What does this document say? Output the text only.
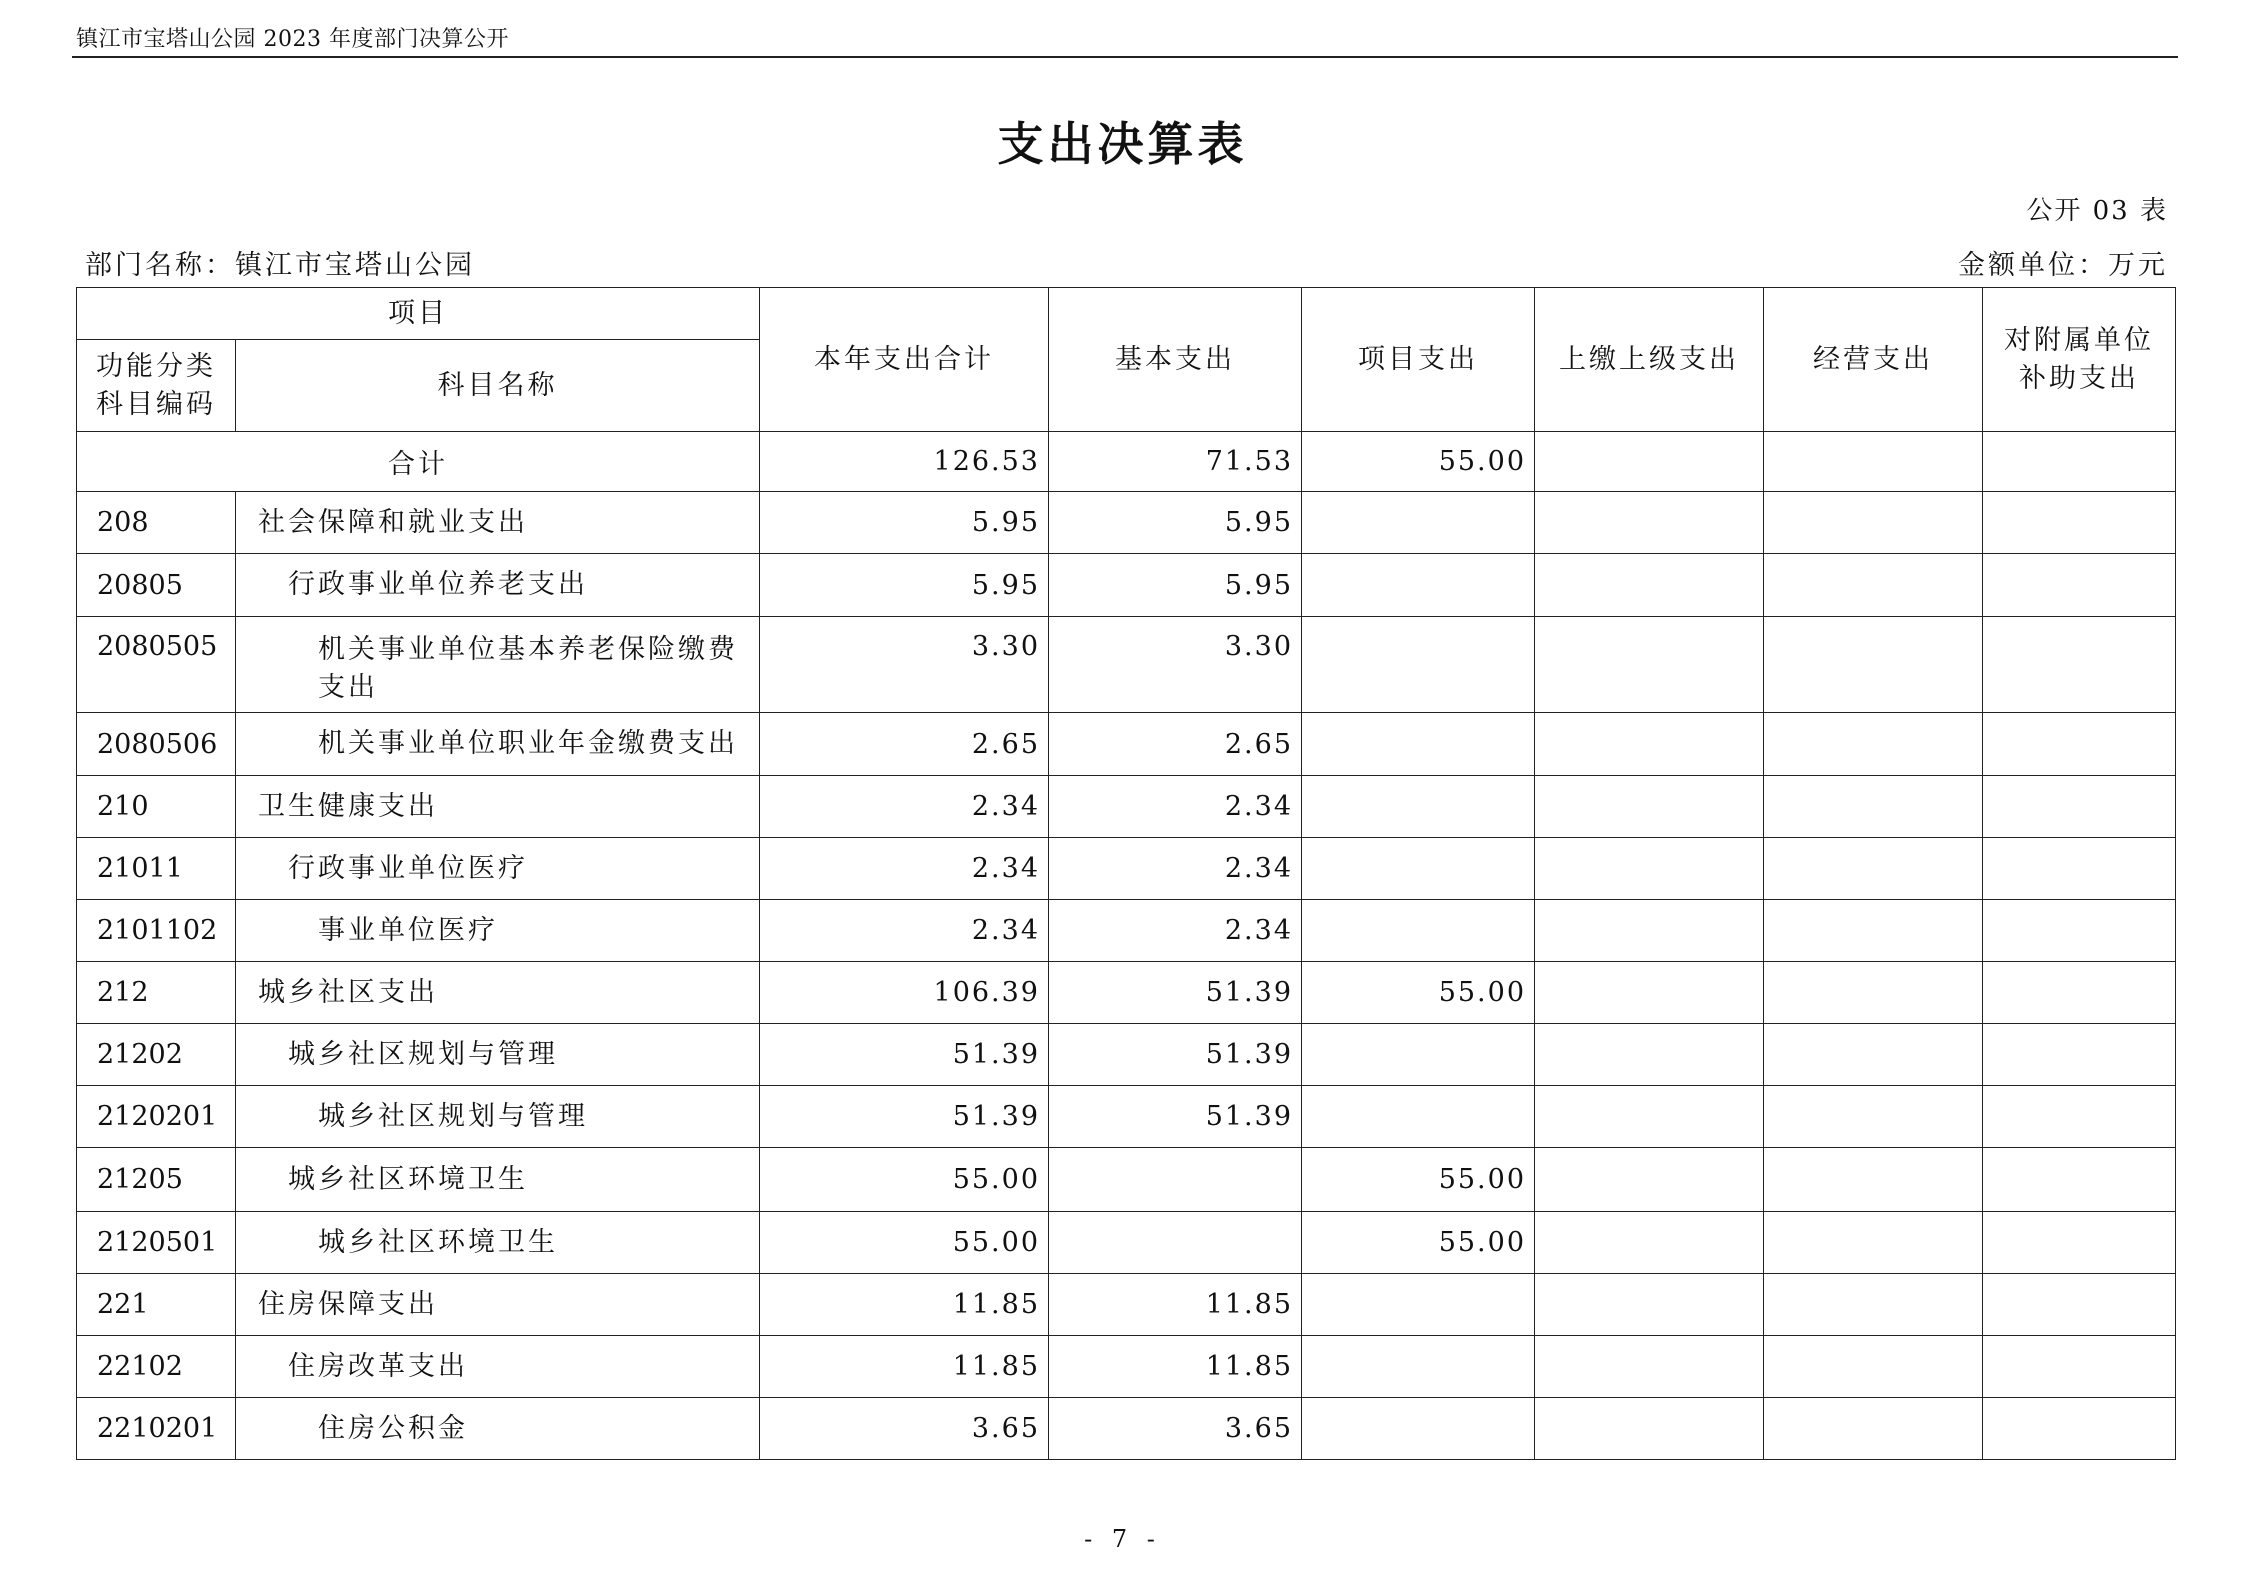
镇江市宝塔山公园 2023 年度部门决算公开
支出决算表
公开 03 表
部门名称：镇江市宝塔山公园	金额单位：万元
项目		本年支出合计	基本支出	项目支出	上缴上级支出	经营支出	对附属单位
补助支出

功能分类
科目编码	科目名称						
合计		126.53	71.53	55.00			
208	社会保障和就业支出	5.95	5.95				
20805	行政事业单位养老支出	5.95	5.95				
2080505	机关事业单位基本养老保险缴费支出	3.30	3.30				
2080506	机关事业单位职业年金缴费支出	2.65	2.65				
210	卫生健康支出	2.34	2.34				
21011	行政事业单位医疗	2.34	2.34				
2101102	事业单位医疗	2.34	2.34				
212	城乡社区支出	106.39	51.39	55.00			
21202	城乡社区规划与管理	51.39	51.39				
2120201	城乡社区规划与管理	51.39	51.39				
21205	城乡社区环境卫生	55.00		55.00			
2120501	城乡社区环境卫生	55.00		55.00			
221	住房保障支出	11.85	11.85				
22102	住房改革支出	11.85	11.85				
2210201	住房公积金	3.65	3.65				
- 7 -
